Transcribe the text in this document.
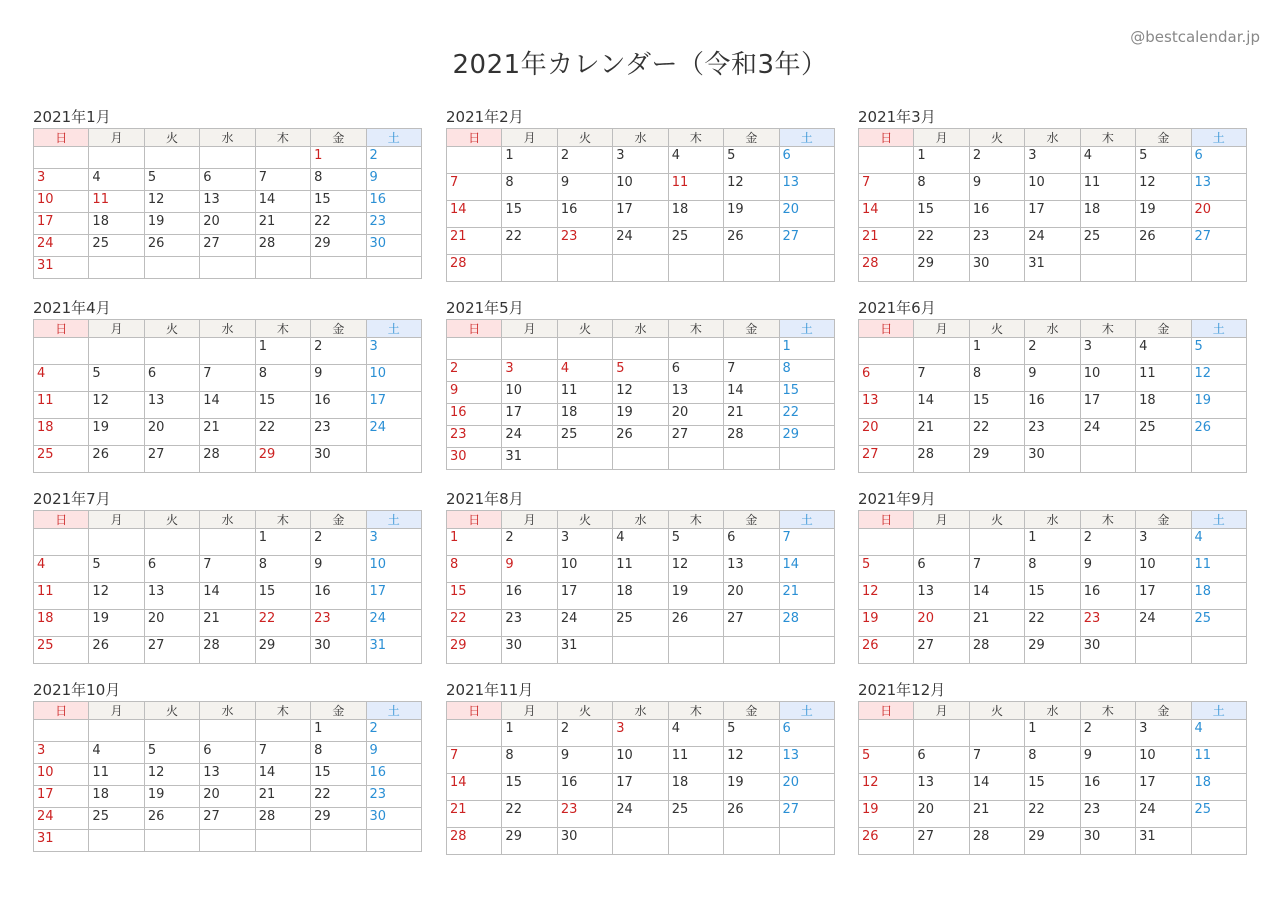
@bestcalendar.jp
2021年カレンダー（令和3年）
2021年1月
日	月	火	水	木	金	土
					1	2
3	4	5	6	7	8	9
10	11	12	13	14	15	16
17	18	19	20	21	22	23
24	25	26	27	28	29	30
31						
2021年2月
日	月	火	水	木	金	土
	1	2	3	4	5	6
7	8	9	10	11	12	13
14	15	16	17	18	19	20
21	22	23	24	25	26	27
28						
2021年3月
日	月	火	水	木	金	土
	1	2	3	4	5	6
7	8	9	10	11	12	13
14	15	16	17	18	19	20
21	22	23	24	25	26	27
28	29	30	31			
2021年4月
日	月	火	水	木	金	土
				1	2	3
4	5	6	7	8	9	10
11	12	13	14	15	16	17
18	19	20	21	22	23	24
25	26	27	28	29	30	
2021年5月
日	月	火	水	木	金	土
						1
2	3	4	5	6	7	8
9	10	11	12	13	14	15
16	17	18	19	20	21	22
23	24	25	26	27	28	29
30	31					
2021年6月
日	月	火	水	木	金	土
		1	2	3	4	5
6	7	8	9	10	11	12
13	14	15	16	17	18	19
20	21	22	23	24	25	26
27	28	29	30			
2021年7月
日	月	火	水	木	金	土
				1	2	3
4	5	6	7	8	9	10
11	12	13	14	15	16	17
18	19	20	21	22	23	24
25	26	27	28	29	30	31
2021年8月
日	月	火	水	木	金	土
1	2	3	4	5	6	7
8	9	10	11	12	13	14
15	16	17	18	19	20	21
22	23	24	25	26	27	28
29	30	31				
2021年9月
日	月	火	水	木	金	土
			1	2	3	4
5	6	7	8	9	10	11
12	13	14	15	16	17	18
19	20	21	22	23	24	25
26	27	28	29	30		
2021年10月
日	月	火	水	木	金	土
					1	2
3	4	5	6	7	8	9
10	11	12	13	14	15	16
17	18	19	20	21	22	23
24	25	26	27	28	29	30
31						
2021年11月
日	月	火	水	木	金	土
	1	2	3	4	5	6
7	8	9	10	11	12	13
14	15	16	17	18	19	20
21	22	23	24	25	26	27
28	29	30				
2021年12月
日	月	火	水	木	金	土
			1	2	3	4
5	6	7	8	9	10	11
12	13	14	15	16	17	18
19	20	21	22	23	24	25
26	27	28	29	30	31	
